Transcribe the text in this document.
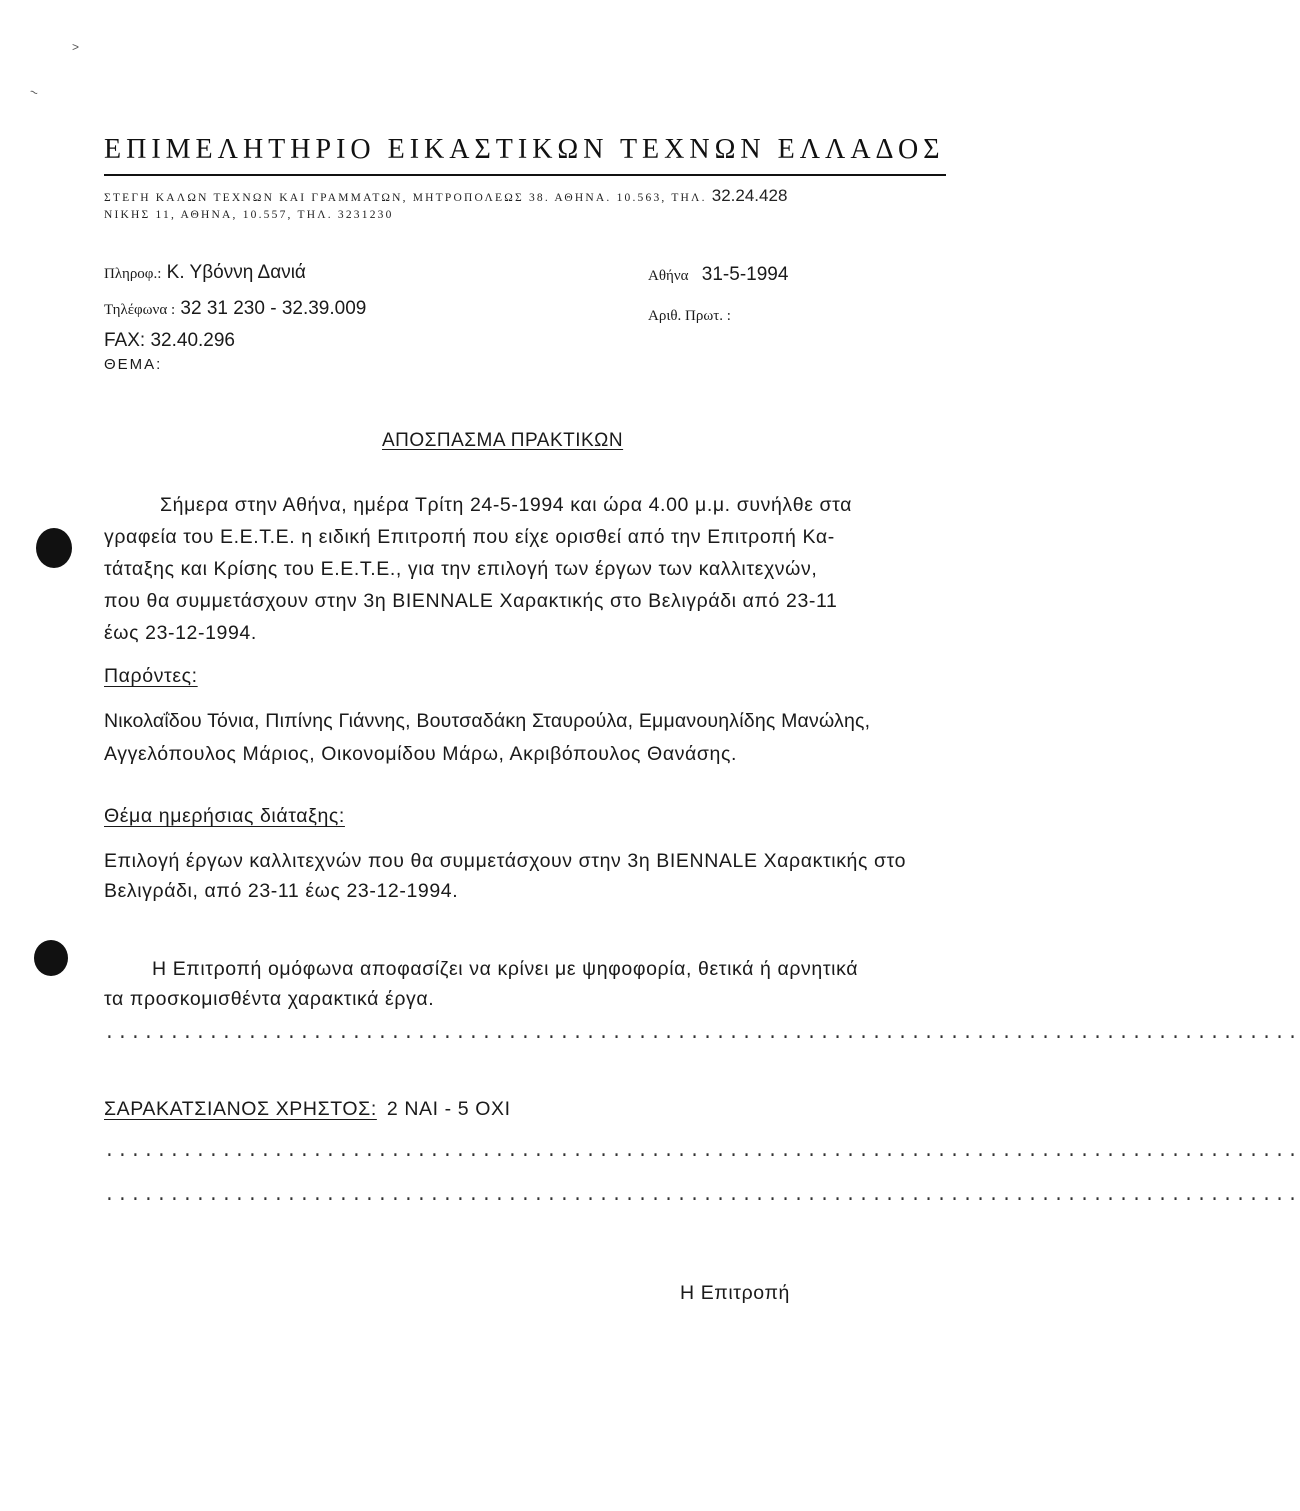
>
~
ΕΠΙΜΕΛΗΤΗΡΙΟ ΕΙΚΑΣΤΙΚΩΝ ΤΕΧΝΩΝ ΕΛΛΑΔΟΣ
ΣΤΕΓΗ ΚΑΛΩΝ ΤΕΧΝΩΝ ΚΑΙ ΓΡΑΜΜΑΤΩΝ, ΜΗΤΡΟΠΟΛΕΩΣ 38. ΑΘΗΝΑ. 10.563, ΤΗΛ. 32.24.428
ΝΙΚΗΣ 11, ΑΘΗΝΑ, 10.557, ΤΗΛ. 3231230
Πληροφ.: Κ. Υβόννη Δανιά
Τηλέφωνα : 32 31 230 - 32.39.009
FAX: 32.40.296
ΘΕΜΑ:
Αθήνα 31-5-1994
Αριθ. Πρωτ. :
ΑΠΟΣΠΑΣΜΑ ΠΡΑΚΤΙΚΩΝ
Σήμερα στην Αθήνα, ημέρα Τρίτη 24-5-1994 και ώρα 4.00 μ.μ. συνήλθε στα
γραφεία του Ε.Ε.Τ.Ε. η ειδική Επιτροπή που είχε ορισθεί από την Επιτροπή Κα-
τάταξης και Κρίσης του Ε.Ε.Τ.Ε., για την επιλογή των έργων των καλλιτεχνών,
που θα συμμετάσχουν στην 3η BIENNALE Χαρακτικής στο Βελιγράδι από 23-11
έως 23-12-1994.
Παρόντες:
Νικολαΐδου Τόνια, Πιπίνης Γιάννης, Βουτσαδάκη Σταυρούλα, Εμμανουηλίδης Μανώλης,
Αγγελόπουλος Μάριος, Οικονομίδου Μάρω, Ακριβόπουλος Θανάσης.
Θέμα ημερήσιας διάταξης:
Επιλογή έργων καλλιτεχνών που θα συμμετάσχουν στην 3η BIENNALE Χαρακτικής στο
Βελιγράδι, από 23-11 έως 23-12-1994.
Η Επιτροπή ομόφωνα αποφασίζει να κρίνει με ψηφοφορία, θετικά ή αρνητικά
τα προσκομισθέντα χαρακτικά έργα.
............................................................................................
ΣΑΡΑΚΑΤΣΙΑΝΟΣ ΧΡΗΣΤΟΣ: 2 ΝΑΙ - 5 ΟΧΙ
............................................................................................
............................................................................................
Η Επιτροπή
